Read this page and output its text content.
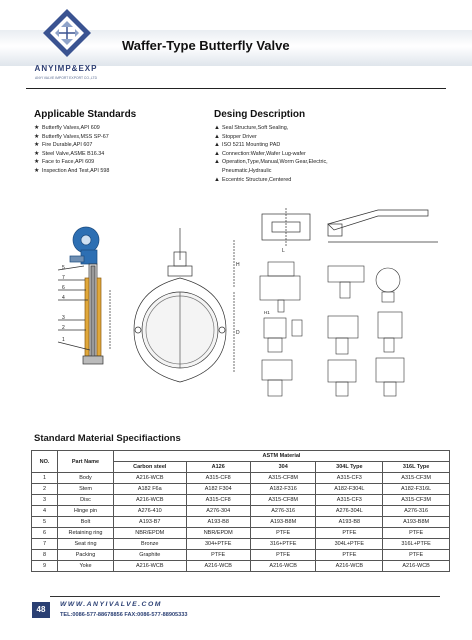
ANYIMP&EXP
ANYI VALVE IMPORT EXPORT CO.,LTD
Waffer-Type Butterfly Valve
Applicable Standards
★ Butterfly Valves,API 609
★ Butterfly Valves,MSS SP-67
★ Fire Durable,API 607
★ Steel Valve,ASME B16.34
★ Face to Face,API 609
★ Inspection And Test,API 598
Desing Description
▲ Seal Structure,Soft Sealing,
▲ Stopper Driver
▲ ISO 5211 Mounting PAD
▲ Connection:Wafer,Wafer Lug-wafer
▲ Operation,Type,Manual,Worm Gear,Electric,
Pneumatic,Hydraulic
▲ Eccentric Structure,Centered
5
7
6
4
3
2
1
H
D
L
H1
Standard Material Specifiactions
NO.	Part Name	ASTM Material				
		Carbon steel	A126	304	304L Type	316L Type
1	Body	A216-WCB	A315-CF8	A315-CF8M	A315-CF3	A315-CF3M
2	Stem	A182 F6a	A182 F304	A182-F316	A182-F304L	A182-F316L
3	Disc	A216-WCB	A315-CF8	A315-CF8M	A315-CF3	A315-CF3M
4	Hinge pin	A276-410	A276-304	A276-316	A276-304L	A276-316
5	Bolt	A193-B7	A193-B8	A193-B8M	A193-B8	A193-B8M
6	Retaining ring	NBR/EPDM	NBR/EPDM	PTFE	PTFE	PTFE
7	Seat ring	Bronze	304+PTFE	316+PTFE	304L+PTFE	316L+PTFE
8	Packing	Graphite	PTFE	PTFE	PTFE	PTFE
9	Yoke	A216-WCB	A216-WCB	A216-WCB	A216-WCB	A216-WCB
48
WWW.ANYIVALVE.COM
TEL:0086-577-88678856 FAX:0086-577-88905333
